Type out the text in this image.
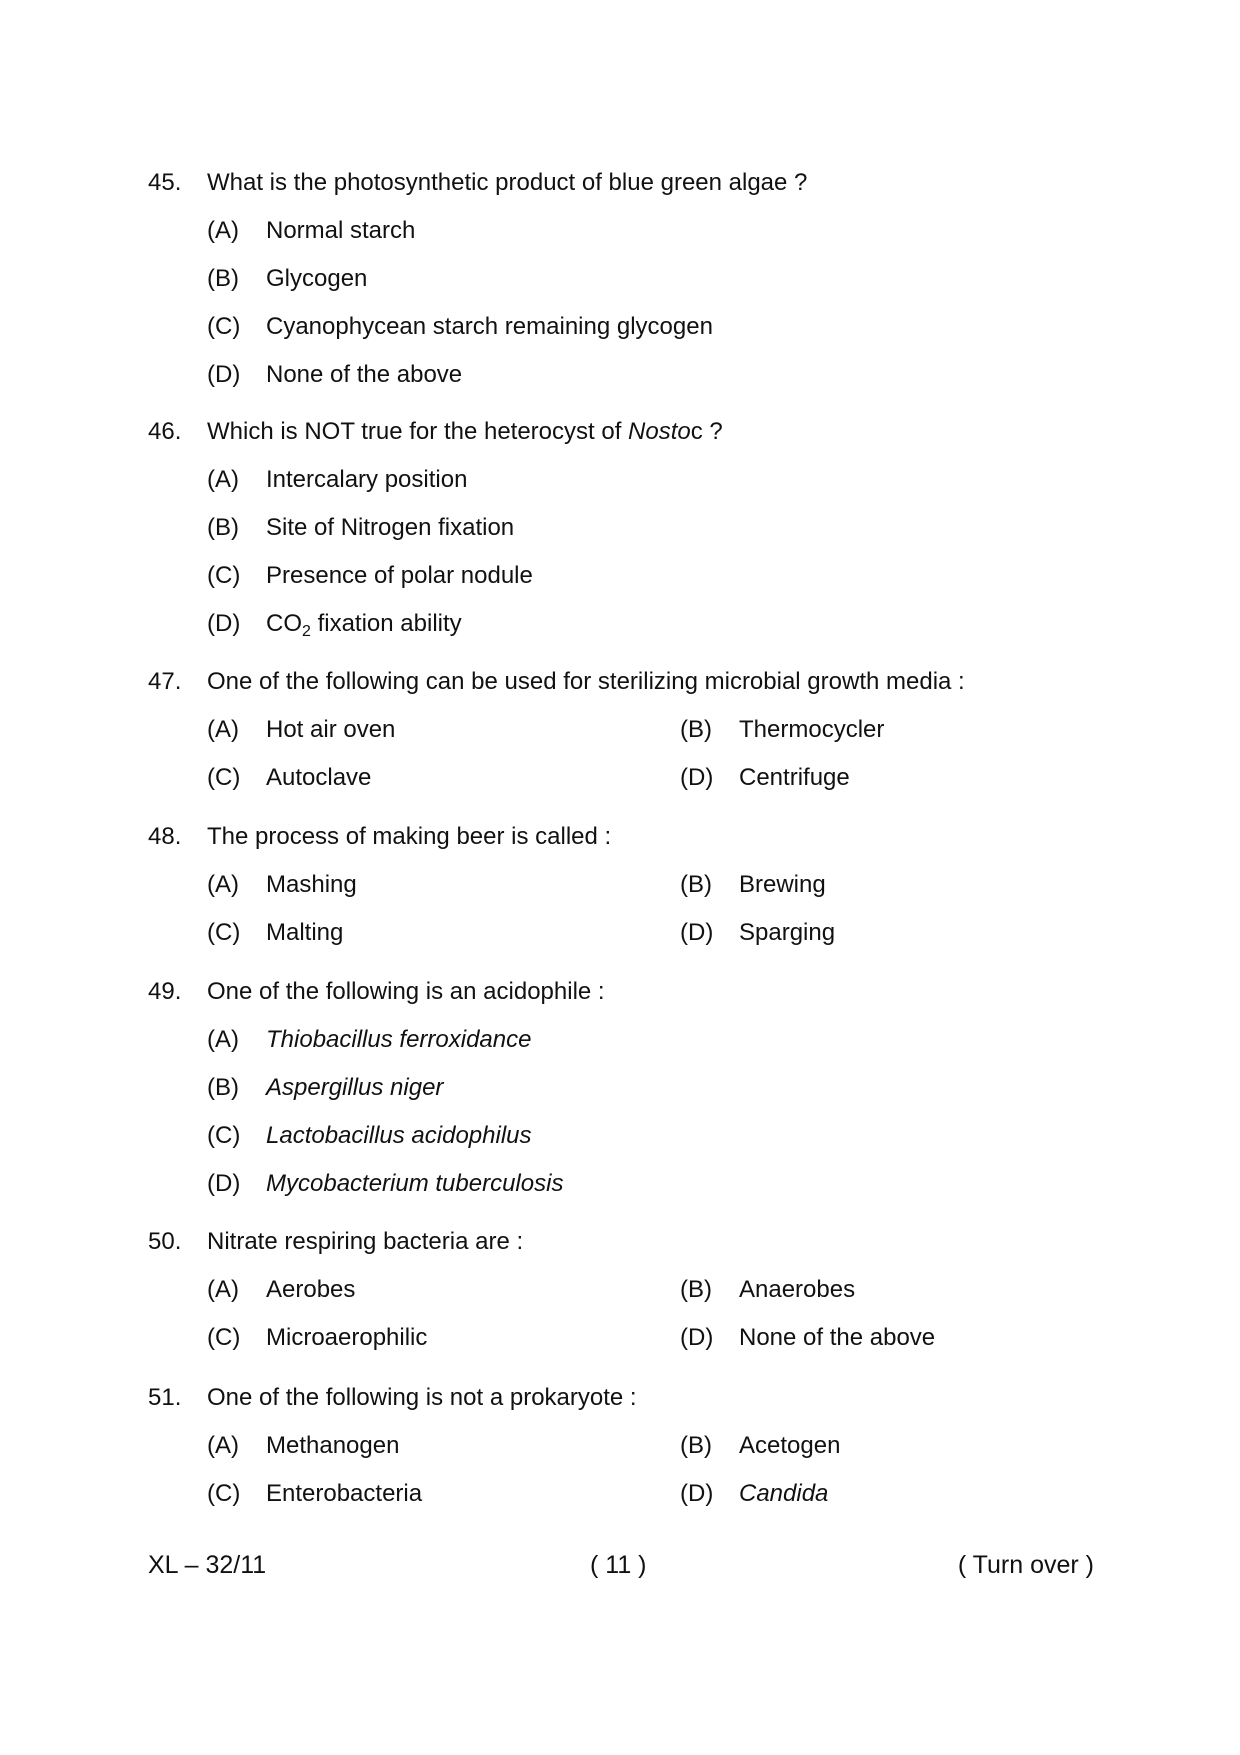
45. What is the photosynthetic product of blue green algae ?
(A) Normal starch
(B) Glycogen
(C) Cyanophycean starch remaining glycogen
(D) None of the above
46. Which is NOT true for the heterocyst of Nostoc ?
(A) Intercalary position
(B) Site of Nitrogen fixation
(C) Presence of polar nodule
(D) $CO_2$ fixation ability
47. One of the following can be used for sterilizing microbial growth media :
(A) Hot air oven	(B) Thermocycler
(C) Autoclave	(D) Centrifuge
48. The process of making beer is called :
(A) Mashing	(B) Brewing
(C) Malting	(D) Sparging
49. One of the following is an acidophile :
(A) Thiobacillus ferroxidance
(B) Aspergillus niger
(C) Lactobacillus acidophilus
(D) Mycobacterium tuberculosis
50. Nitrate respiring bacteria are :
(A) Aerobes	(B) Anaerobes
(C) Microaerophilic	(D) None of the above
51. One of the following is not a prokaryote :
(A) Methanogen	(B) Acetogen
(C) Enterobacteria	(D) Candida
XL – 32/11	( 11 )	( Turn over )
